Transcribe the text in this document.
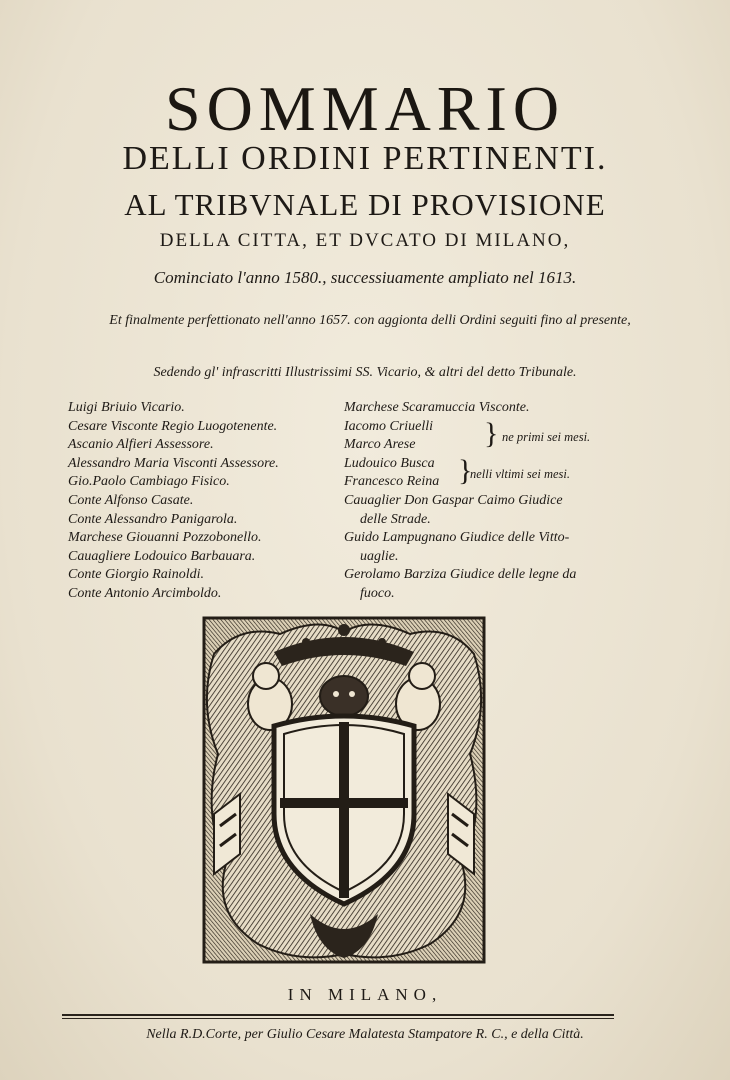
SOMMARIO
DELLI ORDINI PERTINENTI.
AL TRIBVNALE DI PROVISIONE
DELLA CITTA, ET DVCATO DI MILANO,
Cominciato l'anno 1580., successiuamente ampliato nel 1613.
Et finalmente perfettionato nell'anno 1657. con aggionta delli Ordini seguiti fino al presente,
Sedendo gl' infrascritti Illustrissimi SS. Vicario, & altri del detto Tribunale.
Luigi Briuio Vicario.
Cesare Visconte Regio Luogotenente.
Ascanio Alfieri Assessore.
Alessandro Maria Visconti Assessore.
Gio.Paolo Cambiago Fisico.
Conte Alfonso Casate.
Conte Alessandro Panigarola.
Marchese Giouanni Pozzobonello.
Cauagliere Lodouico Barbauara.
Conte Giorgio Rainoldi.
Conte Antonio Arcimboldo.
Marchese Scaramuccia Visconte.
Iacomo Criuelli
Marco Arese	} ne primi sei mesi.
Ludouico Busca
Francesco Reina }
nelli vltimi sei mesi.
Cauaglier Don Gaspar Caimo Giudice
delle Strade.
Guido Lampugnano Giudice delle Vitto-
uaglie.
Gerolamo Barziza Giudice delle legne da
fuoco.
IN MILANO,
Nella R.D.Corte, per Giulio Cesare Malatesta Stampatore R. C., e della Città.
